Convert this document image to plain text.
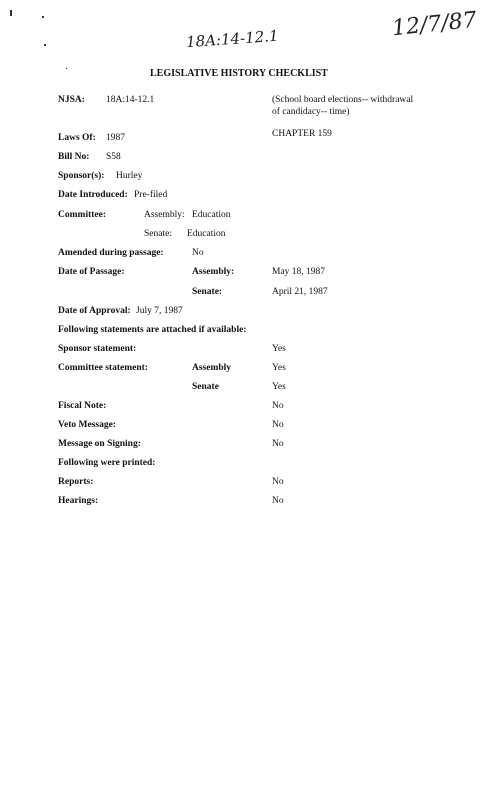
18A:14-12.1	12/7/87
LEGISLATIVE HISTORY CHECKLIST
NJSA: 18A:14-12.1	(School board elections-- withdrawal
of candidacy-- time)
CHAPTER 159
Laws Of: 1987
Bill No: S58
Sponsor(s): Hurley
Date Introduced: Pre-filed
Committee:	Assembly: Education
Senate: Education
Amended during passage:	No
Date of Passage:	Assembly:	May 18, 1987
Senate:	April 21, 1987
Date of Approval: July 7, 1987
Following statements are attached if available:
Sponsor statement:	Yes
Committee statement:	Assembly	Yes
Senate	Yes
Fiscal Note:	No
Veto Message:	No
Message on Signing:	No
Following were printed:
Reports:	No
Hearings:	No
